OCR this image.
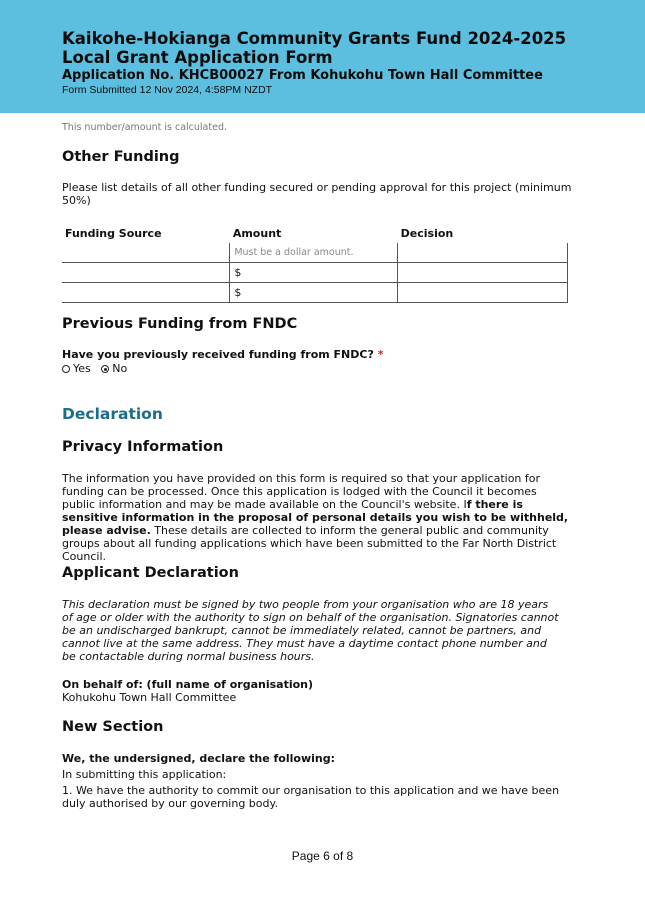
Kaikohe-Hokianga Community Grants Fund 2024-2025
Local Grant Application Form
Application No. KHCB00027 From Kohukohu Town Hall Committee
Form Submitted 12 Nov 2024, 4:58PM NZDT
This number/amount is calculated.
Other Funding
Please list details of all other funding secured or pending approval for this project (minimum 50%)
Funding Source	Amount	Decision
	Must be a dollar amount.	
	$	
	$	
Previous Funding from FNDC
Have you previously received funding from FNDC? *
Yes No
Declaration
Privacy Information
The information you have provided on this form is required so that your application for funding can be processed. Once this application is lodged with the Council it becomes public information and may be made available on the Council's website. If there is sensitive information in the proposal of personal details you wish to be withheld, please advise. These details are collected to inform the general public and community groups about all funding applications which have been submitted to the Far North District Council.
Applicant Declaration
This declaration must be signed by two people from your organisation who are 18 years of age or older with the authority to sign on behalf of the organisation. Signatories cannot be an undischarged bankrupt, cannot be immediately related, cannot be partners, and cannot live at the same address. They must have a daytime contact phone number and be contactable during normal business hours.
On behalf of: (full name of organisation)
Kohukohu Town Hall Committee
New Section
We, the undersigned, declare the following:
In submitting this application:
1. We have the authority to commit our organisation to this application and we have been duly authorised by our governing body.
Page 6 of 8
